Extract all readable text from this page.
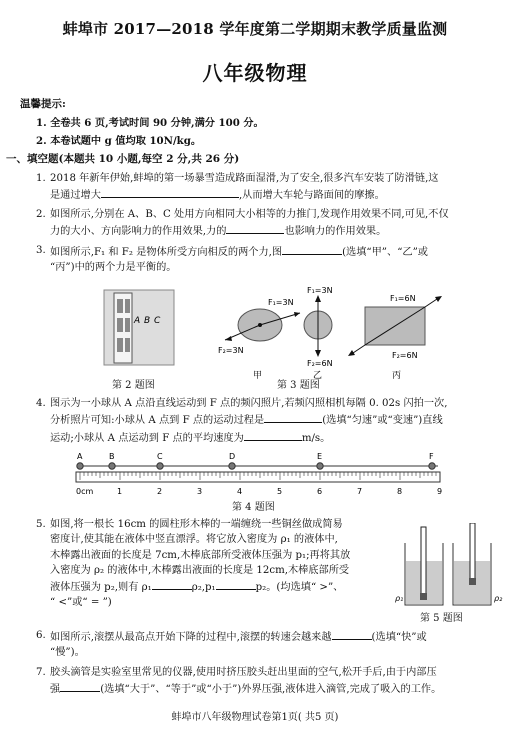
蚌埠市 2017—2018 学年度第二学期期末教学质量监测
八年级物理
温馨提示:
1. 全卷共 6 页,考试时间 90 分钟,满分 100 分。
2. 本卷试题中 g 值均取 10N/kg。
一、填空题(本题共 10 小题,每空 2 分,共 26 分)
1. 2018 年新年伊始,蚌埠的第一场暴雪造成路面湿滑,为了安全,很多汽车安装了防滑链,这
是通过增大	,从而增大车轮与路面间的摩擦。
2. 如图所示,分别在 A、B、C 处用方向相同大小相等的力推门,发现作用效果不同,可见,不仅
力的大小、方向影响力的作用效果,力的	也影响力的作用效果。
3. 如图所示,F₁ 和 F₂ 是物体所受方向相反的两个力,图	(选填“甲”、“乙”或
“丙”)中的两个力是平衡的。
A B C
F₁=3N
F₂=3N
甲
F₁=3N
F₂=6N
乙
F₁=6N
F₂=6N
丙
第 2 题图	第 3 题图
4. 图示为一小球从 A 点沿直线运动到 F 点的频闪照片,若频闪照相机每隔 0. 02s 闪拍一次,
分析照片可知:小球从 A 点到 F 点的运动过程是	(选填“匀速”或“变速”)直线
运动;小球从 A 点运动到 F 点的平均速度为	m/s。
0cm	1	2	3	4	5	6	7	8	9
A	B	C	D	E	F
第 4 题图
5. 如图,将一根长 16cm 的圆柱形木棒的一端缠绕一些铜丝做成简易
密度计,使其能在液体中竖直漂浮。将它放入密度为 ρ₁ 的液体中,
木棒露出液面的长度是 7cm,木棒底部所受液体压强为 p₁;再将其放
入密度为 ρ₂ 的液体中,木棒露出液面的长度是 12cm,木棒底部所受
液体压强为 p₂,则有 ρ₁	ρ₂,p₁	p₂。(均选填“ >”、
“ <”或“ = ”)	ρ₁	ρ₂
第 5 题图
6. 如图所示,滚摆从最高点开始下降的过程中,滚摆的转速会越来越	(选填“快”或
“慢”)。
7. 胶头滴管是实验室里常见的仪器,使用时挤压胶头赶出里面的空气,松开手后,由于内部压
强	(选填“大于”、“等于”或“小于”)外界压强,液体进入滴管,完成了吸入的工作。
蚌埠市八年级物理试卷第1页( 共5 页)
